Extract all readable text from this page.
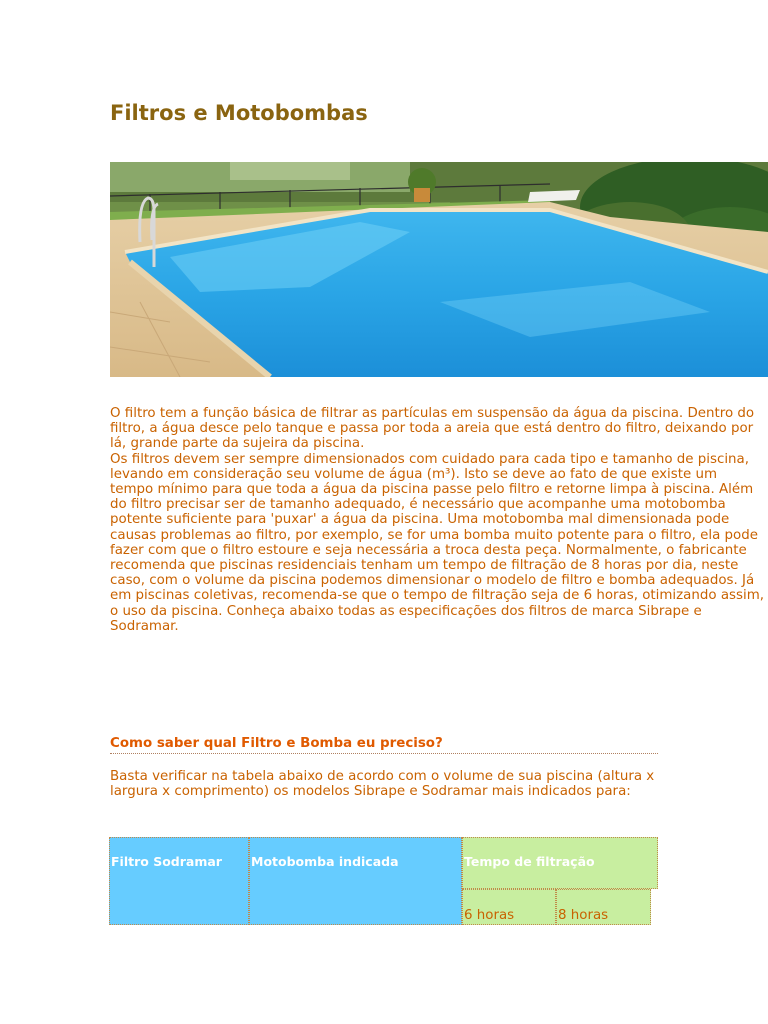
Filtros e Motobombas

O filtro tem a função básica de filtrar as partículas em suspensão da água da piscina. Dentro do filtro, a água desce pelo tanque e passa por toda a areia que está dentro do filtro, deixando por lá, grande parte da sujeira da piscina.

Os filtros devem ser sempre dimensionados com cuidado para cada tipo e tamanho de piscina, levando em consideração seu volume de água (m³). Isto se deve ao fato de que existe um tempo mínimo para que toda a água da piscina passe pelo filtro e retorne limpa à piscina. Além do filtro precisar ser de tamanho adequado, é necessário que acompanhe uma motobomba potente suficiente para 'puxar' a água da piscina. Uma motobomba mal dimensionada pode causas problemas ao filtro, por exemplo, se for uma bomba muito potente para o filtro, ela pode fazer com que o filtro estoure e seja necessária a troca desta peça. Normalmente, o fabricante recomenda que piscinas residenciais tenham um tempo de filtração de 8 horas por dia, neste caso, com o volume da piscina podemos dimensionar o modelo de filtro e bomba adequados. Já em piscinas coletivas, recomenda-se que o tempo de filtração seja de 6 horas, otimizando assim, o uso da piscina. Conheça abaixo todas as especificações dos filtros de marca Sibrape e Sodramar.

Como saber qual Filtro e Bomba eu preciso?

Basta verificar na tabela abaixo de acordo com o volume de sua piscina (altura x largura x comprimento) os modelos Sibrape e Sodramar mais indicados para:

Filtro Sodramar Motobomba indicada	Tempo de filtração
6 horas	8 horas
